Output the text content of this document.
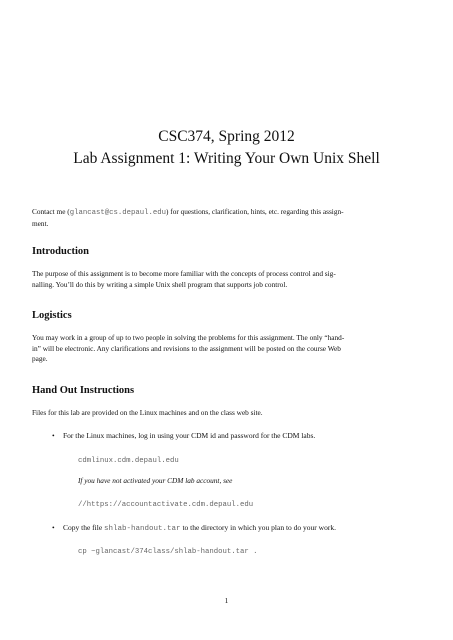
CSC374, Spring 2012
Lab Assignment 1: Writing Your Own Unix Shell
Contact me (glancast@cs.depaul.edu) for questions, clarification, hints, etc. regarding this assign-
ment.
Introduction
The purpose of this assignment is to become more familiar with the concepts of process control and sig-
nalling. You’ll do this by writing a simple Unix shell program that supports job control.
Logistics
You may work in a group of up to two people in solving the problems for this assignment. The only “hand-
in” will be electronic. Any clarifications and revisions to the assignment will be posted on the course Web
page.
Hand Out Instructions
Files for this lab are provided on the Linux machines and on the class web site.
• For the Linux machines, log in using your CDM id and password for the CDM labs.
cdmlinux.cdm.depaul.edu
If you have not activated your CDM lab account, see
//https://accountactivate.cdm.depaul.edu
• Copy the file shlab-handout.tar to the directory in which you plan to do your work.
cp ~glancast/374class/shlab-handout.tar .
1
